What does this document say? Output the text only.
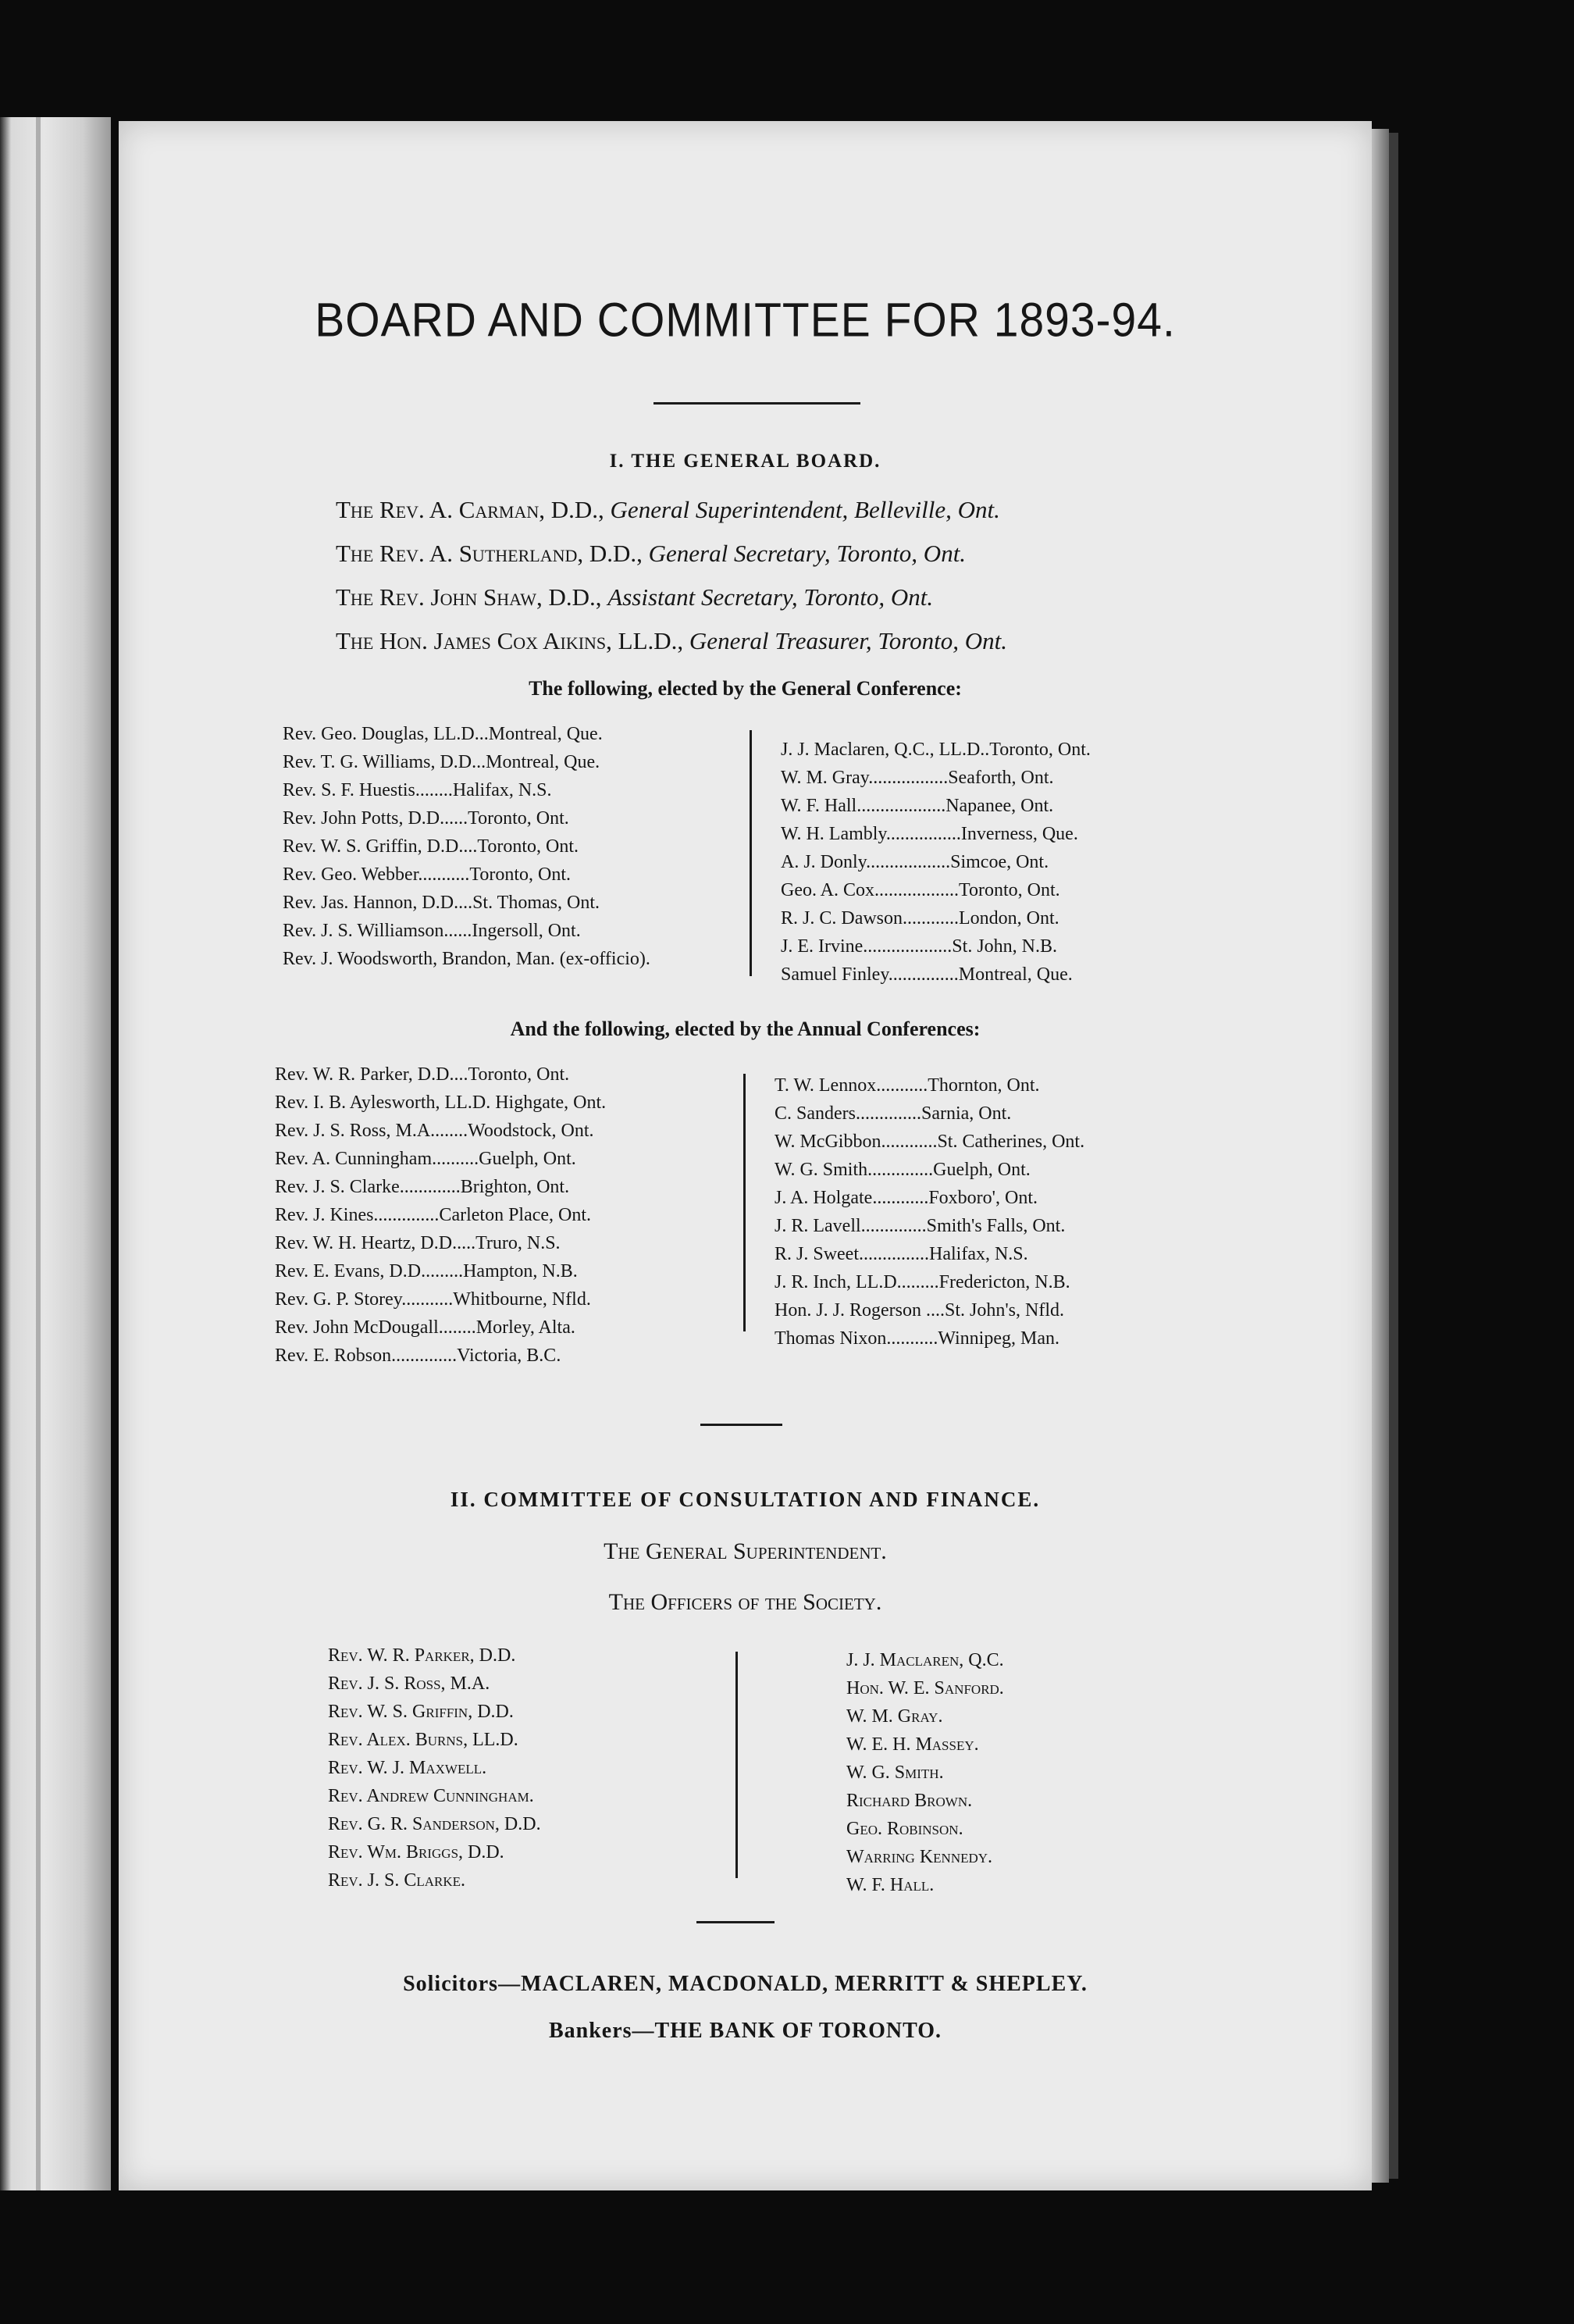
BOARD AND COMMITTEE FOR 1893-94.
I. THE GENERAL BOARD.
The Rev. A. Carman, D.D., General Superintendent, Belleville, Ont.
The Rev. A. Sutherland, D.D., General Secretary, Toronto, Ont.
The Rev. John Shaw, D.D., Assistant Secretary, Toronto, Ont.
The Hon. James Cox Aikins, LL.D., General Treasurer, Toronto, Ont.
The following, elected by the General Conference:
Rev. Geo. Douglas, LL.D...Montreal, Que.
Rev. T. G. Williams, D.D...Montreal, Que.
Rev. S. F. Huestis........Halifax, N.S.
Rev. John Potts, D.D......Toronto, Ont.
Rev. W. S. Griffin, D.D....Toronto, Ont.
Rev. Geo. Webber...........Toronto, Ont.
Rev. Jas. Hannon, D.D....St. Thomas, Ont.
Rev. J. S. Williamson......Ingersoll, Ont.
Rev. J. Woodsworth, Brandon, Man. (ex-officio).
J. J. Maclaren, Q.C., LL.D..Toronto, Ont.
W. M. Gray.................Seaforth, Ont.
W. F. Hall...................Napanee, Ont.
W. H. Lambly................Inverness, Que.
A. J. Donly..................Simcoe, Ont.
Geo. A. Cox..................Toronto, Ont.
R. J. C. Dawson............London, Ont.
J. E. Irvine...................St. John, N.B.
Samuel Finley...............Montreal, Que.
And the following, elected by the Annual Conferences:
Rev. W. R. Parker, D.D....Toronto, Ont.
Rev. I. B. Aylesworth, LL.D. Highgate, Ont.
Rev. J. S. Ross, M.A........Woodstock, Ont.
Rev. A. Cunningham..........Guelph, Ont.
Rev. J. S. Clarke.............Brighton, Ont.
Rev. J. Kines..............Carleton Place, Ont.
Rev. W. H. Heartz, D.D.....Truro, N.S.
Rev. E. Evans, D.D.........Hampton, N.B.
Rev. G. P. Storey...........Whitbourne, Nfld.
Rev. John McDougall........Morley, Alta.
Rev. E. Robson..............Victoria, B.C.
T. W. Lennox...........Thornton, Ont.
C. Sanders..............Sarnia, Ont.
W. McGibbon............St. Catherines, Ont.
W. G. Smith..............Guelph, Ont.
J. A. Holgate............Foxboro', Ont.
J. R. Lavell..............Smith's Falls, Ont.
R. J. Sweet...............Halifax, N.S.
J. R. Inch, LL.D.........Fredericton, N.B.
Hon. J. J. Rogerson ....St. John's, Nfld.
Thomas Nixon...........Winnipeg, Man.
II. COMMITTEE OF CONSULTATION AND FINANCE.
The General Superintendent.
The Officers of the Society.
Rev. W. R. Parker, D.D.
Rev. J. S. Ross, M.A.
Rev. W. S. Griffin, D.D.
Rev. Alex. Burns, LL.D.
Rev. W. J. Maxwell.
Rev. Andrew Cunningham.
Rev. G. R. Sanderson, D.D.
Rev. Wm. Briggs, D.D.
Rev. J. S. Clarke.
J. J. Maclaren, Q.C.
Hon. W. E. Sanford.
W. M. Gray.
W. E. H. Massey.
W. G. Smith.
Richard Brown.
Geo. Robinson.
Warring Kennedy.
W. F. Hall.
Solicitors—MACLAREN, MACDONALD, MERRITT & SHEPLEY.
Bankers—THE BANK OF TORONTO.
